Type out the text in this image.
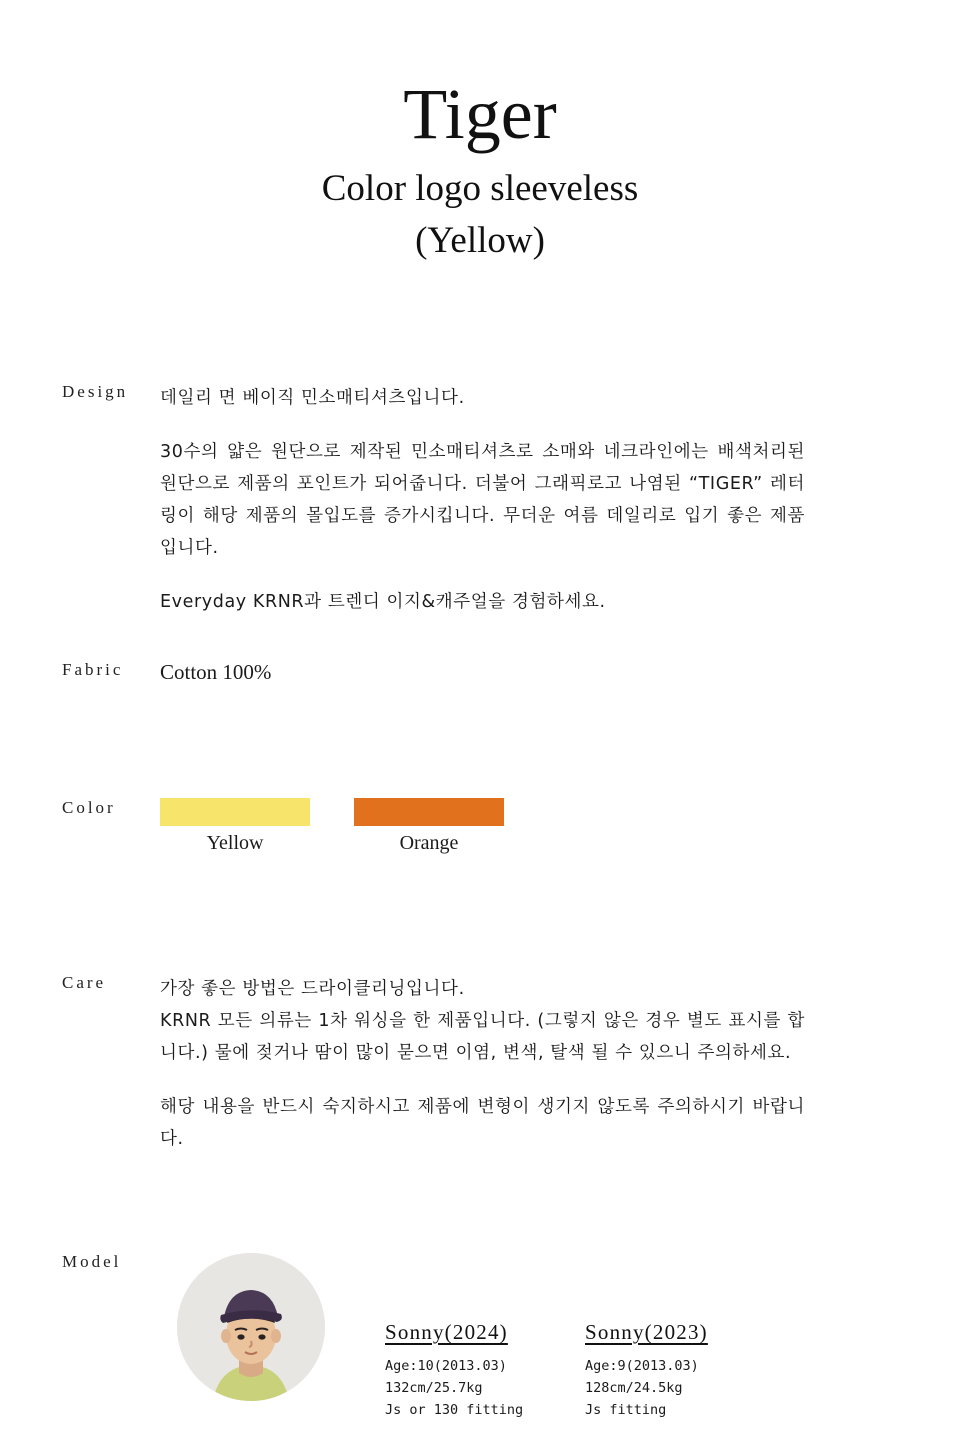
Tiger
Color logo sleeveless
(Yellow)
Design	데일리 면 베이직 민소매티셔츠입니다.
30수의 얇은 원단으로 제작된 민소매티셔츠로 소매와 네크라인에는 배색처리된 원단으로 제품의 포인트가 되어줍니다. 더불어 그래픽로고 나염된 “TIGER” 레터링이 해당 제품의 몰입도를 증가시킵니다. 무더운 여름 데일리로 입기 좋은 제품입니다.
Everyday KRNR과 트렌디 이지&캐주얼을 경험하세요.
Fabric	Cotton 100%
Color
Yellow	Orange
Care	가장 좋은 방법은 드라이클리닝입니다.
KRNR 모든 의류는 1차 워싱을 한 제품입니다. (그렇지 않은 경우 별도 표시를 합니다.) 물에 젖거나 땀이 많이 묻으면 이염, 변색, 탈색 될 수 있으니 주의하세요.
해당 내용을 반드시 숙지하시고 제품에 변형이 생기지 않도록 주의하시기 바랍니다.
Model
Sonny(2024)
Age:10(2013.03)
132cm/25.7kg
Js or 130 fitting
Sonny(2023)
Age:9(2013.03)
128cm/24.5kg
Js fitting
